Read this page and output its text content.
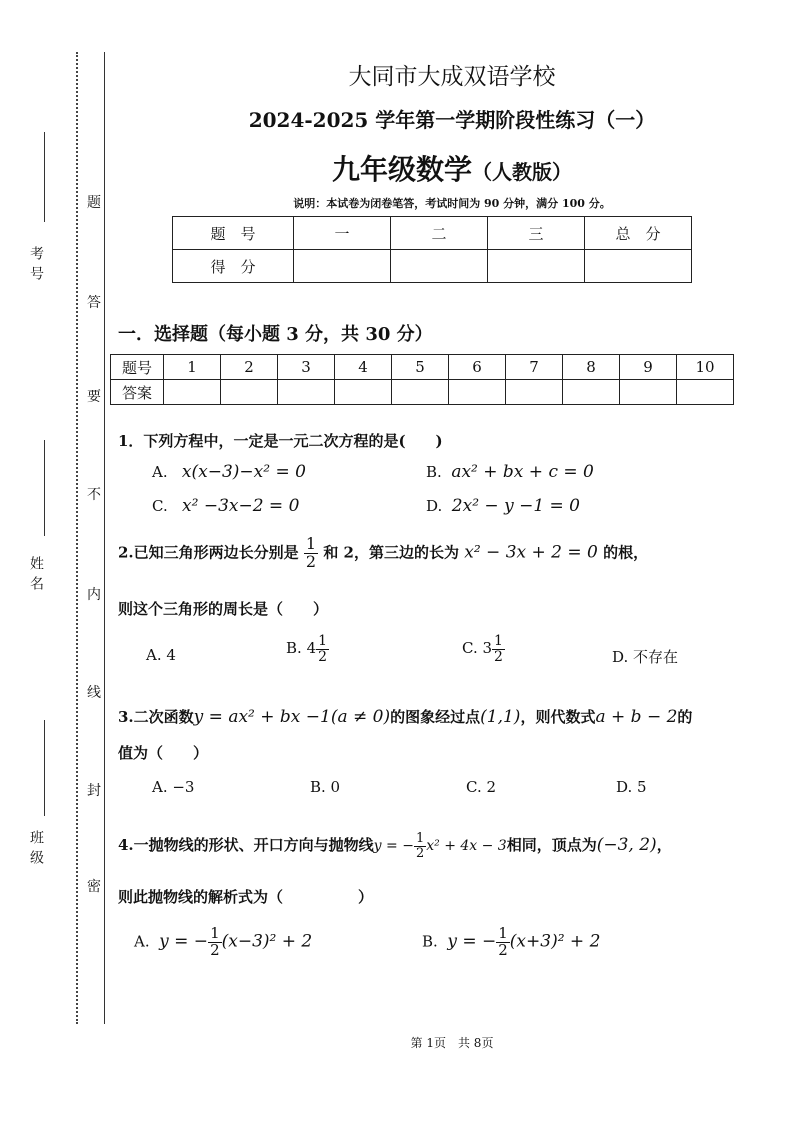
考号
姓名
班级
题
答
要
不
内
线
封
密
大同市大成双语学校
2024-2025 学年第一学期阶段性练习（一）
九年级数学（人教版）
说明：本试卷为闭卷笔答，考试时间为 90 分钟，满分 100 分。
题　号	一	二	三	总　分
得　分				
一．选择题（每小题 3 分，共 30 分）
题号	1	2	3	4	5	6	7	8	9	10
答案										
1．下列方程中，一定是一元二次方程的是(　　)
A.   x(x−3)−x² = 0	B.  ax² + bx + c = 0
C.   x² −3x−2 = 0	D.  2x² − y −1 = 0
2.已知三角形两边长分别是 $\frac{1}{2}$ 和 2，第三边的长为 x² − 3x + 2 = 0 的根，
则这个三角形的周长是（　　）
A. 4	B. $4 \frac{1}{2}$	C. $3 \frac{1}{2}$	D. 不存在
3.二次函数y = ax² + bx −1(a ≠ 0)的图象经过点(1,1)，则代数式a + b − 2的
值为（　　）
A. −3	B. 0	C. 2	D. 5
4.一抛物线的形状、开口方向与抛物线y = − $\frac{1}{2} x^2 + 4x - 3$相同，顶点为(−3, 2)，
则此抛物线的解析式为（　　　　　）
A. y = − $\frac{1}{2} (x-3)^2 + 2$	B. y = − $\frac{1}{2} (x+3)^2 + 2$
第 1页　共 8页
